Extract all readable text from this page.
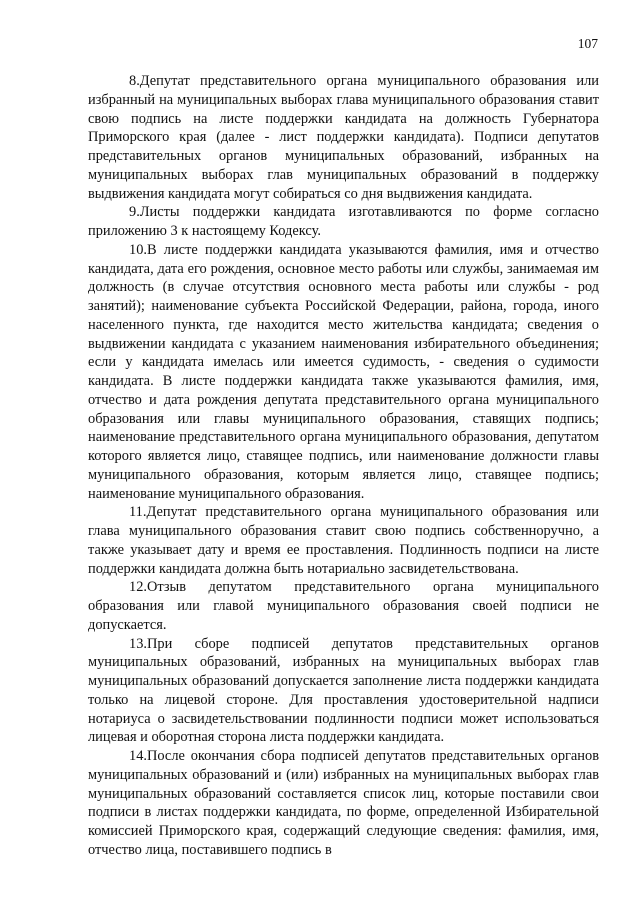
107

8.Депутат представительного органа муниципального образования или избранный на муниципальных выборах глава муниципального образования ставит свою подпись на листе поддержки кандидата на должность Губернатора Приморского края (далее - лист поддержки кандидата). Подписи депутатов представительных органов муниципальных образований, избранных на муниципальных выборах глав муниципальных образований в поддержку выдвижения кандидата могут собираться со дня выдвижения кандидата.

9.Листы поддержки кандидата изготавливаются по форме согласно приложению 3 к настоящему Кодексу.

10.В листе поддержки кандидата указываются фамилия, имя и отчество кандидата, дата его рождения, основное место работы или службы, занимаемая им должность (в случае отсутствия основного места работы или службы - род занятий); наименование субъекта Российской Федерации, района, города, иного населенного пункта, где находится место жительства кандидата; сведения о выдвижении кандидата с указанием наименования избирательного объединения; если у кандидата имелась или имеется судимость, - сведения о судимости кандидата. В листе поддержки кандидата также указываются фамилия, имя, отчество и дата рождения депутата представительного органа муниципального образования или главы муниципального образования, ставящих подпись; наименование представительного органа муниципального образования, депутатом которого является лицо, ставящее подпись, или наименование должности главы муниципального образования, которым является лицо, ставящее подпись; наименование муниципального образования.

11.Депутат представительного органа муниципального образования или глава муниципального образования ставит свою подпись собственноручно, а также указывает дату и время ее проставления. Подлинность подписи на листе поддержки кандидата должна быть нотариально засвидетельствована.

12.Отзыв депутатом представительного органа муниципального образования или главой муниципального образования своей подписи не допускается.

13.При сборе подписей депутатов представительных органов муниципальных образований, избранных на муниципальных выборах глав муниципальных образований допускается заполнение листа поддержки кандидата только на лицевой стороне. Для проставления удостоверительной надписи нотариуса о засвидетельствовании подлинности подписи может использоваться лицевая и оборотная сторона листа поддержки кандидата.

14.После окончания сбора подписей депутатов представительных органов муниципальных образований и (или) избранных на муниципальных выборах глав муниципальных образований составляется список лиц, которые поставили свои подписи в листах поддержки кандидата, по форме, определенной Избирательной комиссией Приморского края, содержащий следующие сведения: фамилия, имя, отчество лица, поставившего подпись в
